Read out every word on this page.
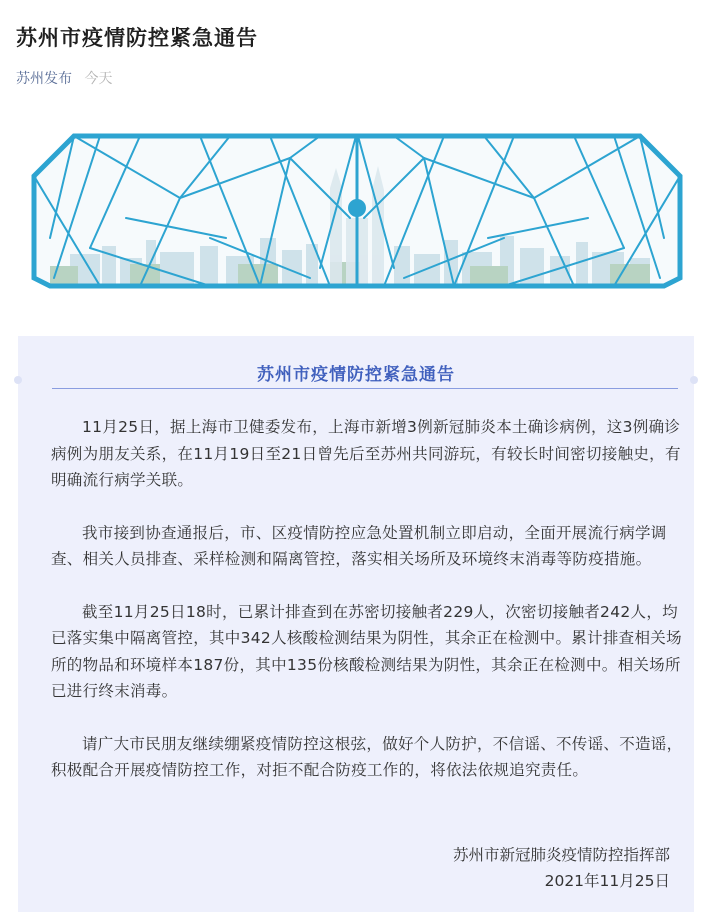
苏州市疫情防控紧急通告
苏州发布 今天
苏州市疫情防控紧急通告

11月25日，据上海市卫健委发布，上海市新增3例新冠肺炎本土确诊病例，这3例确诊病例为朋友关系，在11月19日至21日曾先后至苏州共同游玩，有较长时间密切接触史，有明确流行病学关联。

我市接到协查通报后，市、区疫情防控应急处置机制立即启动，全面开展流行病学调查、相关人员排查、采样检测和隔离管控，落实相关场所及环境终末消毒等防疫措施。

截至11月25日18时，已累计排查到在苏密切接触者229人，次密切接触者242人，均已落实集中隔离管控，其中342人核酸检测结果为阴性，其余正在检测中。累计排查相关场所的物品和环境样本187份，其中135份核酸检测结果为阴性，其余正在检测中。相关场所已进行终末消毒。

请广大市民朋友继续绷紧疫情防控这根弦，做好个人防护，不信谣、不传谣、不造谣，积极配合开展疫情防控工作，对拒不配合防疫工作的，将依法依规追究责任。

苏州市新冠肺炎疫情防控指挥部
2021年11月25日
